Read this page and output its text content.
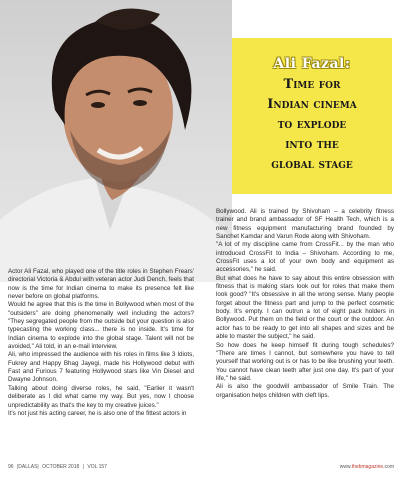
Ali Fazal:
Time for
Indian cinema
to explode
into the
global stage

Actor Ali Fazal, who played one of the title roles in Stephen Frears' directorial Victoria & Abdul with veteran actor Judi Dench, feels that now is the time for Indian cinema to make its presence felt like never before on global platforms.

Would he agree that this is the time in Bollywood when most of the "outsiders" are doing phenomenally well including the actors? "They segregated people from the outside but your question is also typecasting the working class... there is no inside. It's time for Indian cinema to explode into the global stage. Talent will not be avoided," Ali told, in an e-mail interview.

Ali, who impressed the audience with his roles in films like 3 Idiots, Fukrey and Happy Bhag Jayegi, made his Hollywood debut with Fast and Furious 7 featuring Hollywood stars like Vin Diesel and Dwayne Johnson.

Talking about doing diverse roles, he said, "Earlier it wasn't deliberate as I did what came my way. But yes, now I choose unpredictability as that's the key to my creative juices."

It's not just his acting career, he is also one of the fittest actors in

Bollywood. Ali is trained by Shivoham – a celebrity fitness trainer and brand ambassador of SF Health Tech, which is a new fitness equipment manufacturing brand founded by Sanchet Kamdar and Varun Rode along with Shivoham.

"A lot of my discipline came from CrossFit... by the man who introduced CrossFit to India – Shivoham. According to me, CrossFit uses a lot of your own body and equipment as accessories," he said.

But what does he have to say about this entire obsession with fitness that is making stars look out for roles that make them look good? "It's obsessive in all the wrong sense. Many people forget about the fitness part and jump to the perfect cosmetic body. It's empty. I can outrun a lot of eight pack holders in Bollywood. Put them on the field or the court or the outdoor. An actor has to be ready to get into all shapes and sizes and be able to master the subject," he said.

So how does he keep himself fit during tough schedules? "There are times I cannot, but somewhere you have to tell yourself that working out is or has to be like brushing your teeth. You cannot have clean teeth after just one day. It's part of your life," he said.

Ali is also the goodwill ambassador of Smile Train. The organisation helps children with cleft lips.

96 |DALLAS| OCTOBER 2018 | VOL 157	www.thebmagazine.com
